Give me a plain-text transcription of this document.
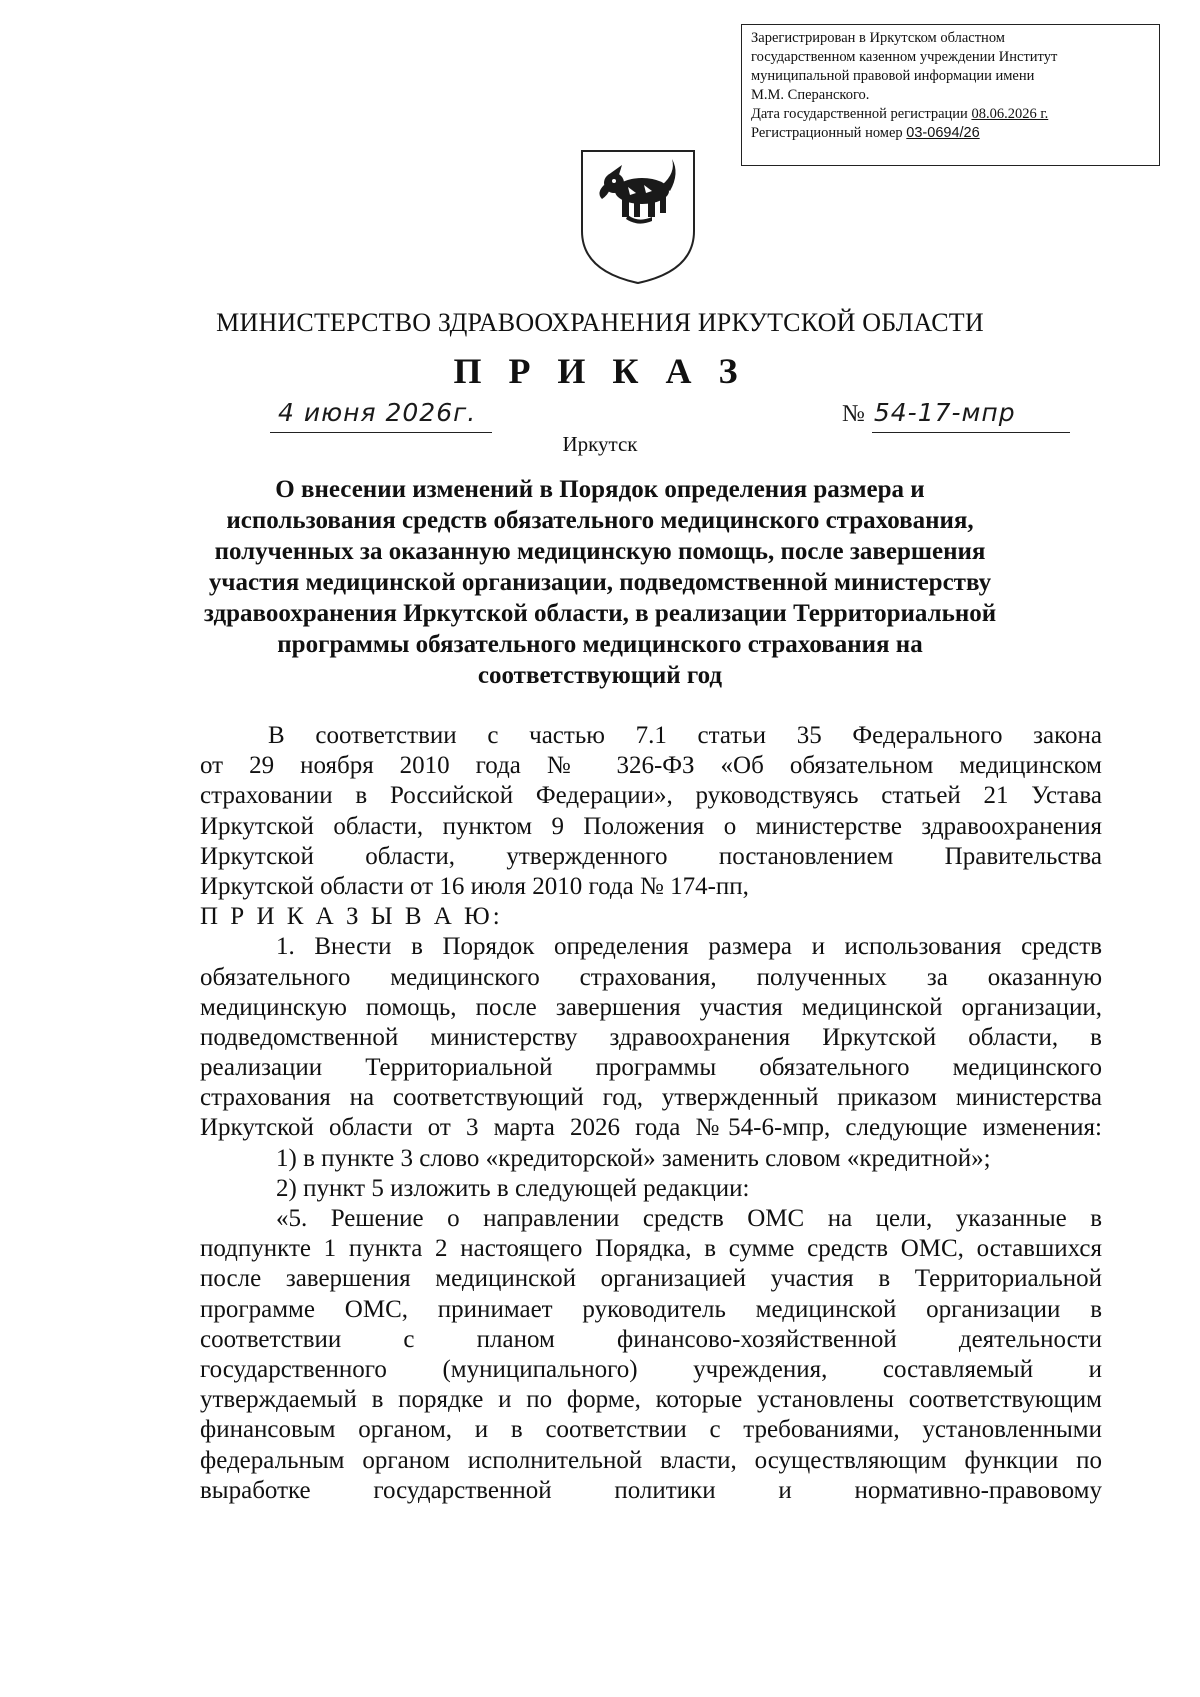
Зарегистрирован в Иркутском областном
государственном казенном учреждении Институт
муниципальной правовой информации имени
М.М. Сперанского.
Дата государственной регистрации 08.06.2026 г.
Регистрационный номер 03-0694/26
МИНИСТЕРСТВО ЗДРАВООХРАНЕНИЯ ИРКУТСКОЙ ОБЛАСТИ
П Р И К А З
4 июня 2026г.	№ 54-17-мпр
Иркутск
О внесении изменений в Порядок определения размера и
использования средств обязательного медицинского страхования,
полученных за оказанную медицинскую помощь, после завершения
участия медицинской организации, подведомственной министерству
здравоохранения Иркутской области, в реализации Территориальной
программы обязательного медицинского страхования на
соответствующий год
В соответствии с частью 7.1 статьи 35 Федерального закона
от 29 ноября 2010 года № 326-ФЗ «Об обязательном медицинском
страховании в Российской Федерации», руководствуясь статьей 21 Устава
Иркутской области, пунктом 9 Положения о министерстве здравоохранения
Иркутской области, утвержденного постановлением Правительства
Иркутской области от 16 июля 2010 года № 174-пп,
П Р И К А З Ы В А Ю:
1. Внести в Порядок определения размера и использования средств
обязательного медицинского страхования, полученных за оказанную
медицинскую помощь, после завершения участия медицинской организации,
подведомственной министерству здравоохранения Иркутской области, в
реализации Территориальной программы обязательного медицинского
страхования на соответствующий год, утвержденный приказом министерства
Иркутской области от 3 марта 2026 года №54-6-мпр, следующие изменения:
1) в пункте 3 слово «кредиторской» заменить словом «кредитной»;
2) пункт 5 изложить в следующей редакции:
«5. Решение о направлении средств ОМС на цели, указанные в
подпункте 1 пункта 2 настоящего Порядка, в сумме средств ОМС, оставшихся
после завершения медицинской организацией участия в Территориальной
программе ОМС, принимает руководитель медицинской организации в
соответствии с планом финансово-хозяйственной деятельности
государственного (муниципального) учреждения, составляемый и
утверждаемый в порядке и по форме, которые установлены соответствующим
финансовым органом, и в соответствии с требованиями, установленными
федеральным органом исполнительной власти, осуществляющим функции по
выработке государственной политики и нормативно-правовому
